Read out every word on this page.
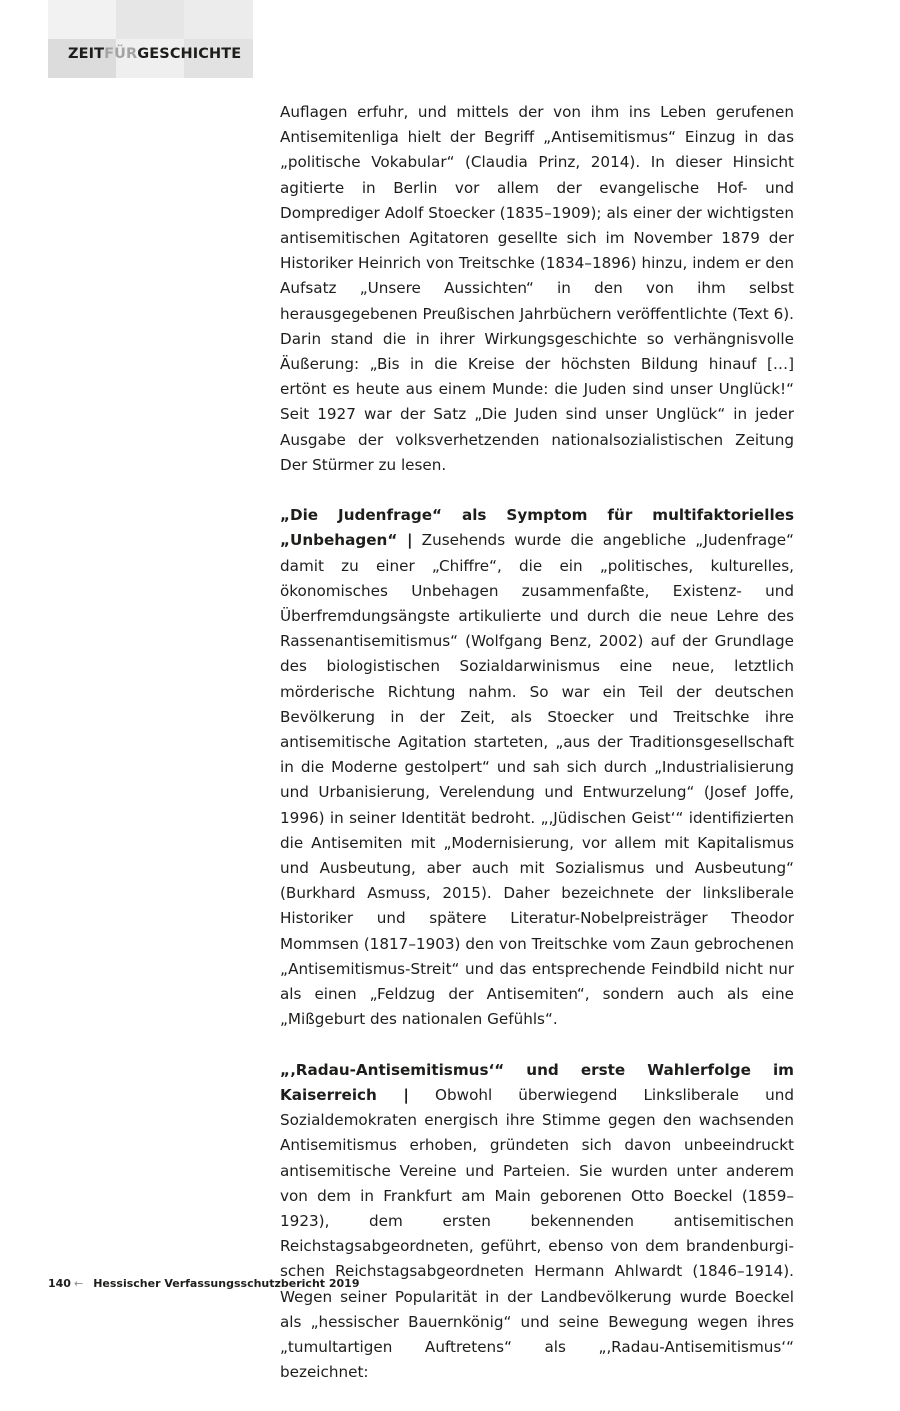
ZEITFÜRGESCHICHTE

Auflagen erfuhr, und mittels der von ihm ins Leben gerufenen Antisemitenliga hielt der Begriff „Antisemitismus“ Einzug in das „politische Vokabular“ (Claudia Prinz, 2014). In dieser Hinsicht agitierte in Berlin vor allem der evangelische Hof- und Domprediger Adolf Stoecker (1835–1909); als einer der wichtigsten antisemitischen Agitatoren gesellte sich im November 1879 der Historiker Heinrich von Treitschke (1834–1896) hinzu, indem er den Aufsatz „Unsere Aussichten“ in den von ihm selbst herausgegebenen Preußischen Jahrbüchern veröffentlichte (Text 6). Darin stand die in ihrer Wirkungsgeschichte so verhängnisvolle Äußerung: „Bis in die Kreise der höchsten Bildung hinauf […] ertönt es heute aus einem Munde: die Juden sind unser Unglück!“ Seit 1927 war der Satz „Die Juden sind unser Unglück“ in jeder Ausgabe der volksverhetzenden nationalsozialistischen Zeitung Der Stürmer zu lesen.

„Die Judenfrage“ als Symptom für multifaktorielles „Unbehagen“ | Zusehends wurde die angebliche „Judenfrage“ damit zu einer „Chiffre“, die ein „politisches, kulturelles, ökonomisches Unbehagen zusammenfaßte, Existenz- und Überfremdungsängste artikulierte und durch die neue Lehre des Rassenantisemitismus“ (Wolfgang Benz, 2002) auf der Grundlage des biologistischen Sozialdarwinismus eine neue, letztlich mörderische Richtung nahm. So war ein Teil der deutschen Bevölkerung in der Zeit, als Stoecker und Treitschke ihre antisemitische Agitation starteten, „aus der Traditionsgesellschaft in die Moderne gestolpert“ und sah sich durch „Industrialisierung und Urbanisierung, Verelendung und Entwurzelung“ (Josef Joffe, 1996) in seiner Identität bedroht. „‚Jüdischen Geist‘“ identifizierten die Antisemiten mit „Modernisierung, vor allem mit Kapitalismus und Ausbeutung, aber auch mit Sozialismus und Ausbeutung“ (Burkhard Asmuss, 2015). Daher bezeichnete der linksliberale Historiker und spätere Literatur-Nobelpreisträger Theodor Mommsen (1817–1903) den von Treitschke vom Zaun gebrochenen „Antisemitismus-Streit“ und das entsprechende Feindbild nicht nur als einen „Feldzug der Antisemiten“, sondern auch als eine „Mißgeburt des nationalen Gefühls“.

„‚Radau-Antisemitismus‘“ und erste Wahlerfolge im Kaiserreich | Obwohl überwiegend Linksliberale und Sozialdemokraten energisch ihre Stimme gegen den wachsenden Antisemitismus erhoben, gründeten sich davon unbeeindruckt antisemitische Vereine und Parteien. Sie wurden unter anderem von dem in Frankfurt am Main geborenen Otto Boeckel (1859–1923), dem ersten bekennenden antisemitischen Reichstagsabgeordneten, geführt, ebenso von dem brandenburgischen Reichstagsabgeordneten Hermann Ahlwardt (1846–1914). Wegen seiner Popularität in der Landbevölkerung wurde Boeckel als „hessischer Bauernkönig“ und seine Bewegung wegen ihres „tumultartigen Auftretens“ als „‚Radau-Antisemitismus‘“ bezeichnet:

140 ← Hessischer Verfassungsschutzbericht 2019
